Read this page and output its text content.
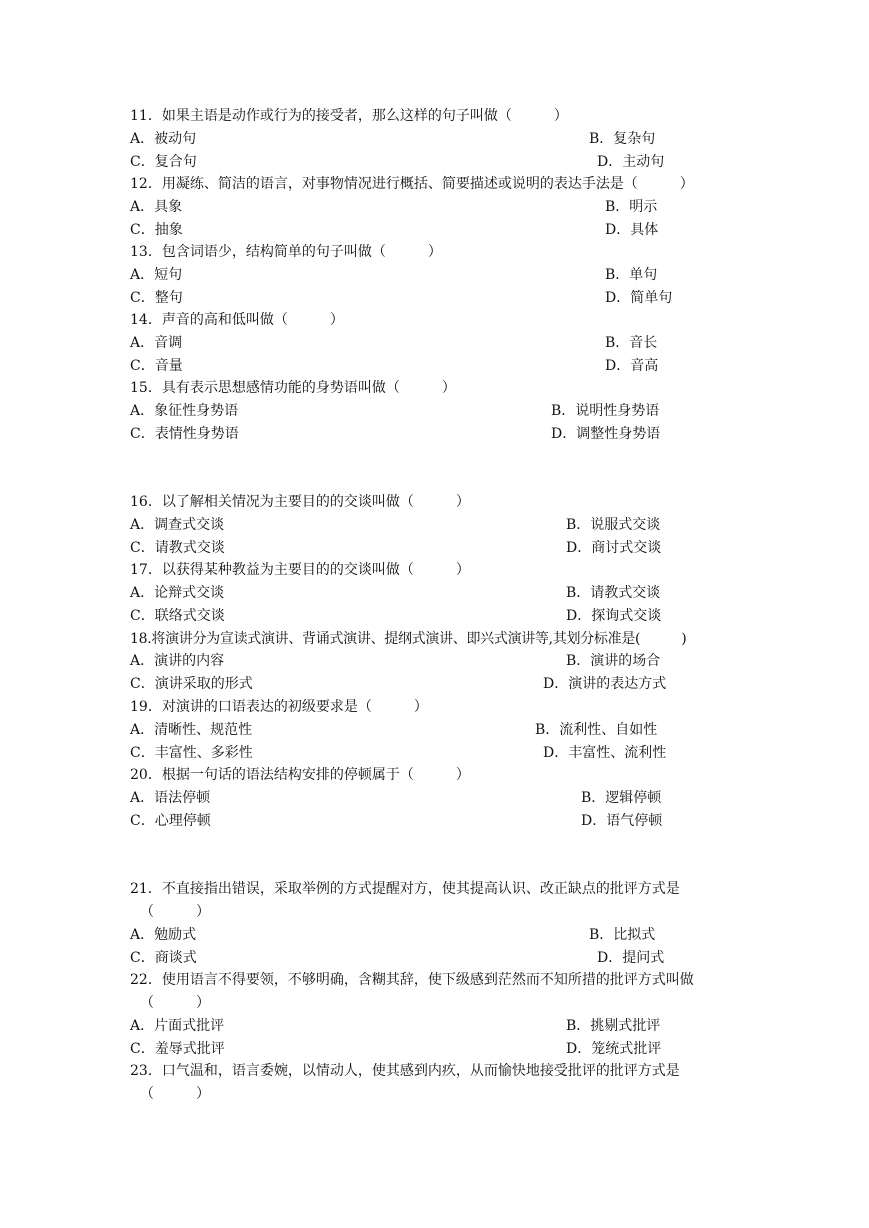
11．如果主语是动作或行为的接受者，那么这样的句子叫做（　　　）
A．被动句	B．复杂句
C．复合句	D．主动句
12．用凝练、简洁的语言，对事物情况进行概括、简要描述或说明的表达手法是（　　　）
A．具象	B．明示
C．抽象	D．具体
13．包含词语少，结构简单的句子叫做（　　　）
A．短句	B．单句
C．整句	D．简单句
14．声音的高和低叫做（　　　）
A．音调	B．音长
C．音量	D．音高
15．具有表示思想感情功能的身势语叫做（　　　）
A．象征性身势语	B．说明性身势语
C．表情性身势语	D．调整性身势语
16．以了解相关情况为主要目的的交谈叫做（　　　）
A．调查式交谈	B．说服式交谈
C．请教式交谈	D．商讨式交谈
17．以获得某种教益为主要目的的交谈叫做（　　　）
A．论辩式交谈	B．请教式交谈
C．联络式交谈	D．探询式交谈
18.将演讲分为宣读式演讲、背诵式演讲、提纲式演讲、即兴式演讲等,其划分标准是(　　　)
A．演讲的内容	B．演讲的场合
C．演讲采取的形式	D．演讲的表达方式
19．对演讲的口语表达的初级要求是（　　　）
A．清晰性、规范性	B．流利性、自如性
C．丰富性、多彩性	D．丰富性、流利性
20．根据一句话的语法结构安排的停顿属于（　　　）
A．语法停顿	B．逻辑停顿
C．心理停顿	D．语气停顿
21．不直接指出错误，采取举例的方式提醒对方，使其提高认识、改正缺点的批评方式是
（　　　）
A．勉励式	B．比拟式
C．商谈式	D．提问式
22．使用语言不得要领，不够明确，含糊其辞，使下级感到茫然而不知所措的批评方式叫做
（　　　）
A．片面式批评	B．挑剔式批评
C．羞辱式批评	D．笼统式批评
23．口气温和，语言委婉，以情动人，使其感到内疚，从而愉快地接受批评的批评方式是
（　　　）
